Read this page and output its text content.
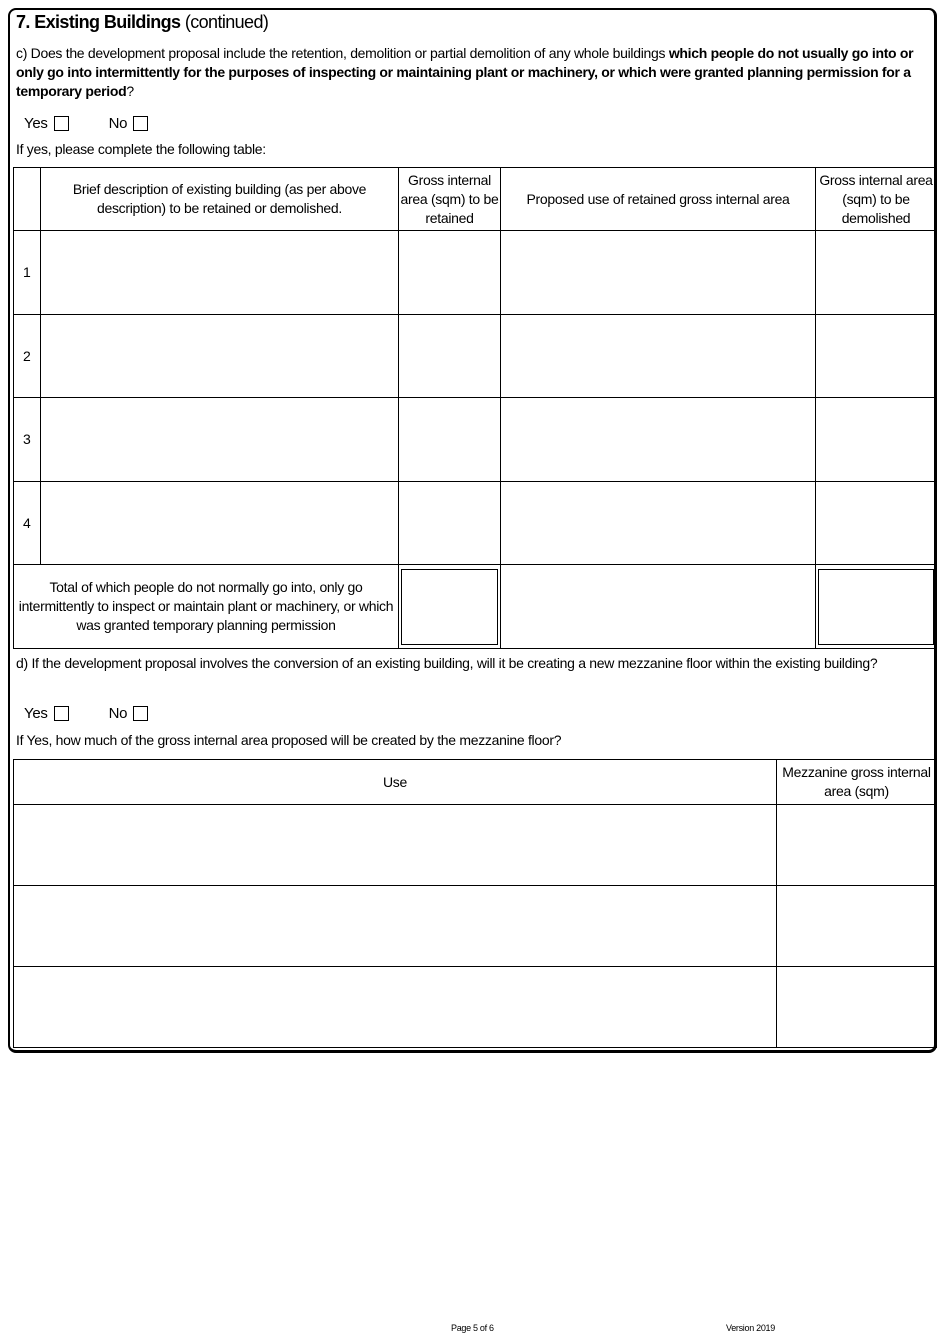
7. Existing Buildings (continued)
c) Does the development proposal include the retention, demolition or partial demolition of any whole buildings which people do not usually go into or only go into intermittently for the purposes of inspecting or maintaining plant or machinery, or which were granted planning permission for a temporary period?
Yes	No
If yes, please complete the following table:
	Brief description of existing building (as per above description) to be retained or demolished.	Gross internal area (sqm) to be retained	Proposed use of retained gross internal area	Gross internal area (sqm) to be demolished
1				
2				
3				
4				
Total of which people do not normally go into, only go intermittently to inspect or maintain plant or machinery, or which was granted temporary planning permission		

d) If the development proposal involves the conversion of an existing building, will it be creating a new mezzanine floor within the existing building?
Yes	No
If Yes, how much of the gross internal area proposed will be created by the mezzanine floor?
Use	Mezzanine gross internal area (sqm)

Page 5 of 6	Version 2019
